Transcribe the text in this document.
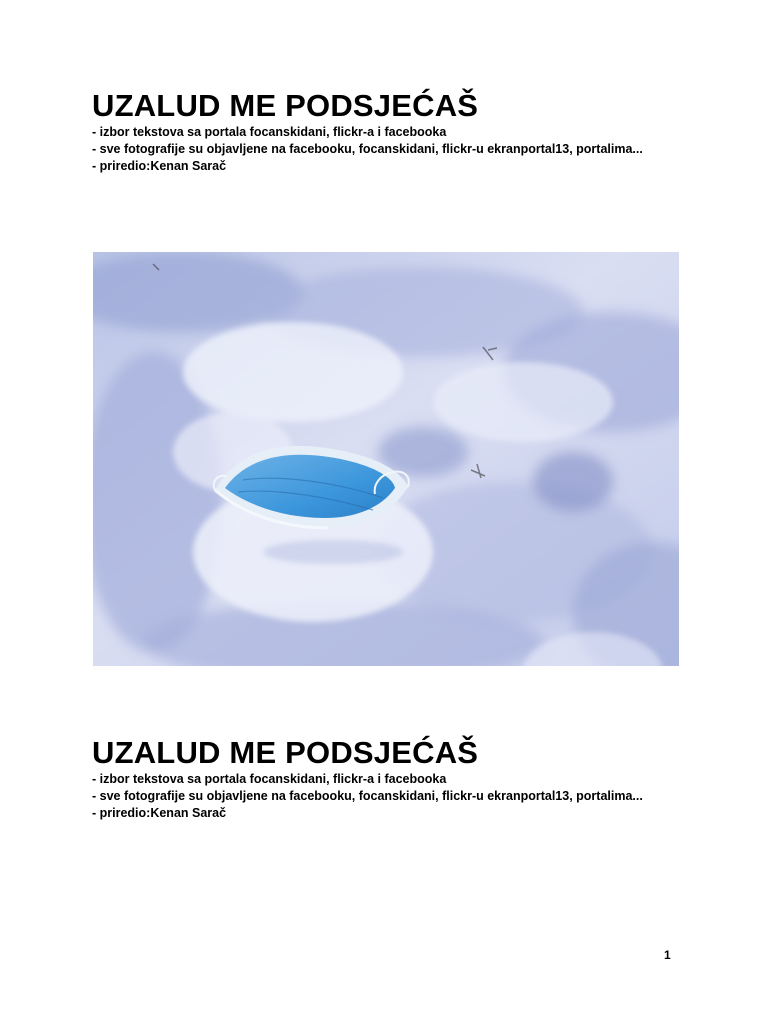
UZALUD ME PODSJEĆAŠ
- izbor tekstova sa portala focanskidani, flickr-a i facebooka
- sve fotografije su objavljene na facebooku, focanskidani, flickr-u ekranportal13, portalima...
- priredio:Kenan Sarač
UZALUD ME PODSJEĆAŠ
- izbor tekstova sa portala focanskidani, flickr-a i facebooka
- sve fotografije su objavljene na facebooku, focanskidani, flickr-u ekranportal13, portalima...
- priredio:Kenan Sarač
1
